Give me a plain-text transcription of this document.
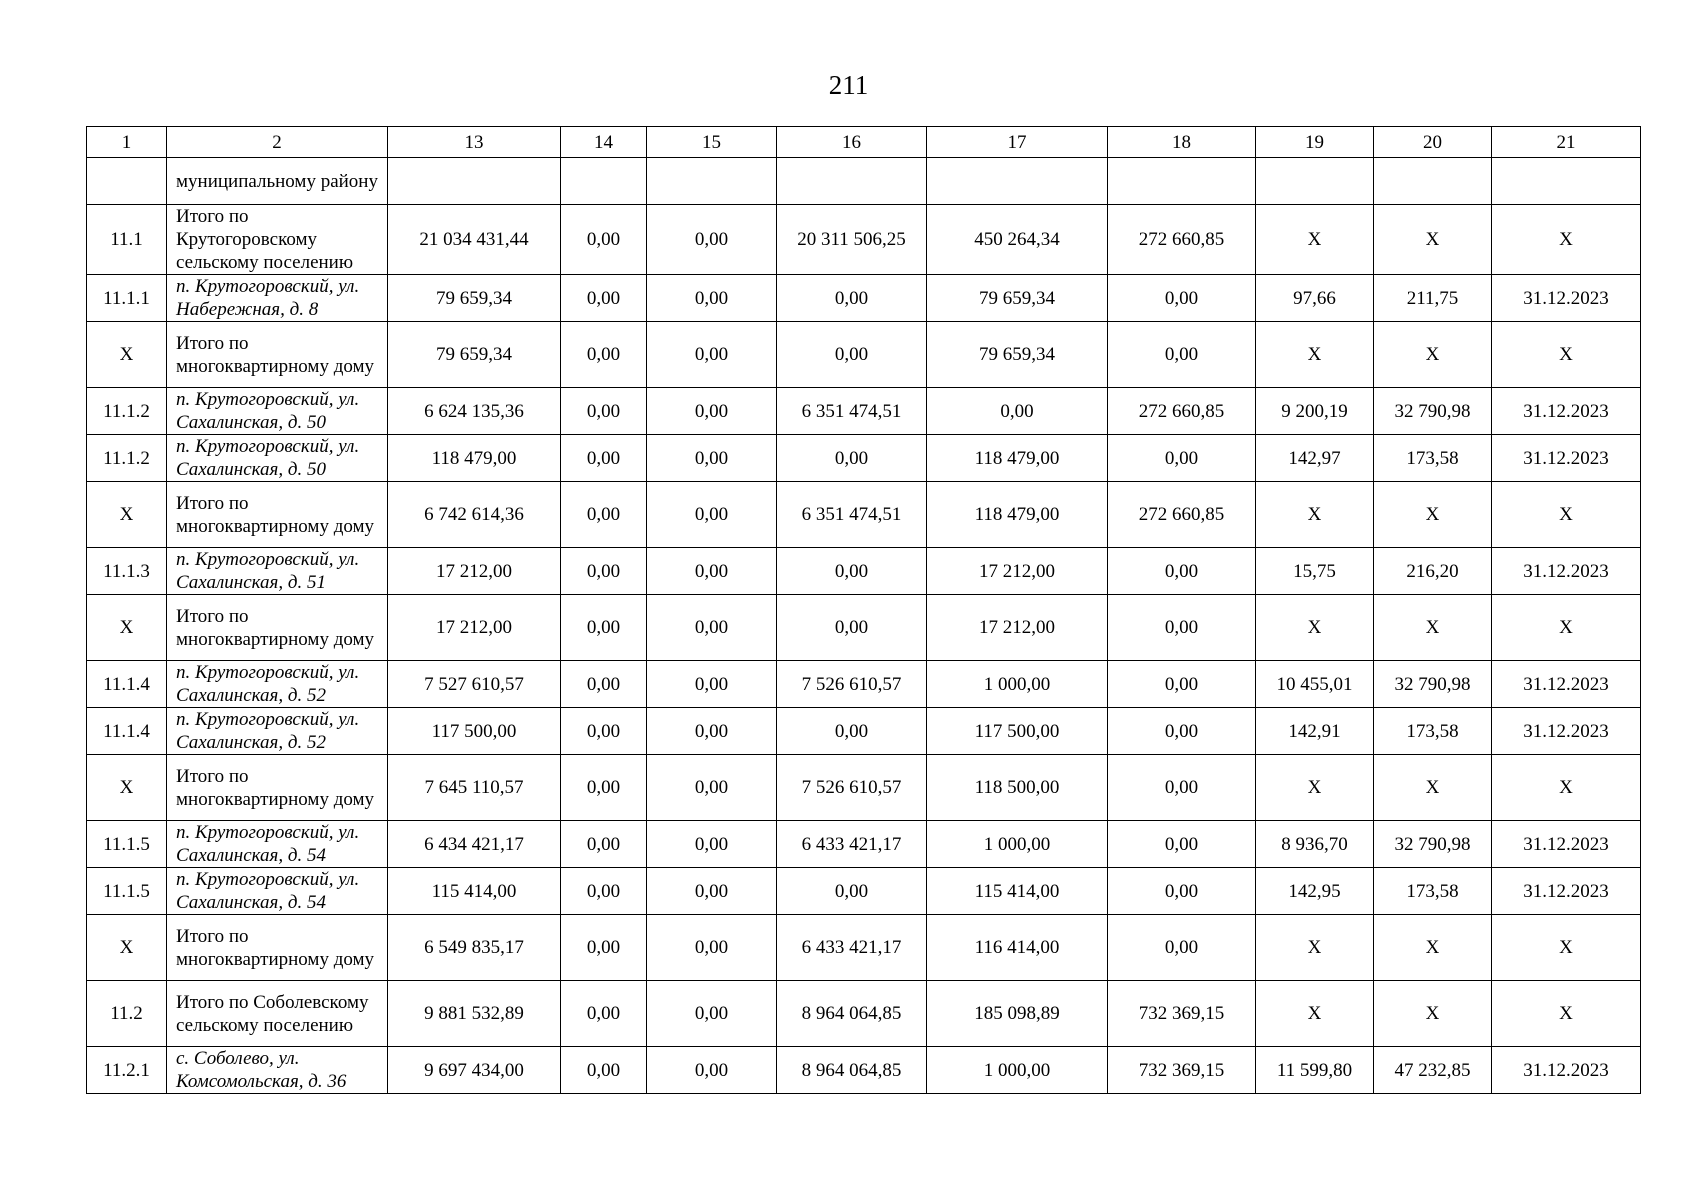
211
1	2	13	14	15	16	17	18	19	20	21
	муниципальному району									
11.1	Итого по Крутогоровскому сельскому поселению	21 034 431,44	0,00	0,00	20 311 506,25	450 264,34	272 660,85	X	X	X
11.1.1	п. Крутогоровский, ул. Набережная, д. 8	79 659,34	0,00	0,00	0,00	79 659,34	0,00	97,66	211,75	31.12.2023
X	Итого по многоквартирному дому	79 659,34	0,00	0,00	0,00	79 659,34	0,00	X	X	X
11.1.2	п. Крутогоровский, ул. Сахалинская, д. 50	6 624 135,36	0,00	0,00	6 351 474,51	0,00	272 660,85	9 200,19	32 790,98	31.12.2023
11.1.2	п. Крутогоровский, ул. Сахалинская, д. 50	118 479,00	0,00	0,00	0,00	118 479,00	0,00	142,97	173,58	31.12.2023
X	Итого по многоквартирному дому	6 742 614,36	0,00	0,00	6 351 474,51	118 479,00	272 660,85	X	X	X
11.1.3	п. Крутогоровский, ул. Сахалинская, д. 51	17 212,00	0,00	0,00	0,00	17 212,00	0,00	15,75	216,20	31.12.2023
X	Итого по многоквартирному дому	17 212,00	0,00	0,00	0,00	17 212,00	0,00	X	X	X
11.1.4	п. Крутогоровский, ул. Сахалинская, д. 52	7 527 610,57	0,00	0,00	7 526 610,57	1 000,00	0,00	10 455,01	32 790,98	31.12.2023
11.1.4	п. Крутогоровский, ул. Сахалинская, д. 52	117 500,00	0,00	0,00	0,00	117 500,00	0,00	142,91	173,58	31.12.2023
X	Итого по многоквартирному дому	7 645 110,57	0,00	0,00	7 526 610,57	118 500,00	0,00	X	X	X
11.1.5	п. Крутогоровский, ул. Сахалинская, д. 54	6 434 421,17	0,00	0,00	6 433 421,17	1 000,00	0,00	8 936,70	32 790,98	31.12.2023
11.1.5	п. Крутогоровский, ул. Сахалинская, д. 54	115 414,00	0,00	0,00	0,00	115 414,00	0,00	142,95	173,58	31.12.2023
X	Итого по многоквартирному дому	6 549 835,17	0,00	0,00	6 433 421,17	116 414,00	0,00	X	X	X
11.2	Итого по Соболевскому сельскому поселению	9 881 532,89	0,00	0,00	8 964 064,85	185 098,89	732 369,15	X	X	X
11.2.1	с. Соболево, ул. Комсомольская, д. 36	9 697 434,00	0,00	0,00	8 964 064,85	1 000,00	732 369,15	11 599,80	47 232,85	31.12.2023
